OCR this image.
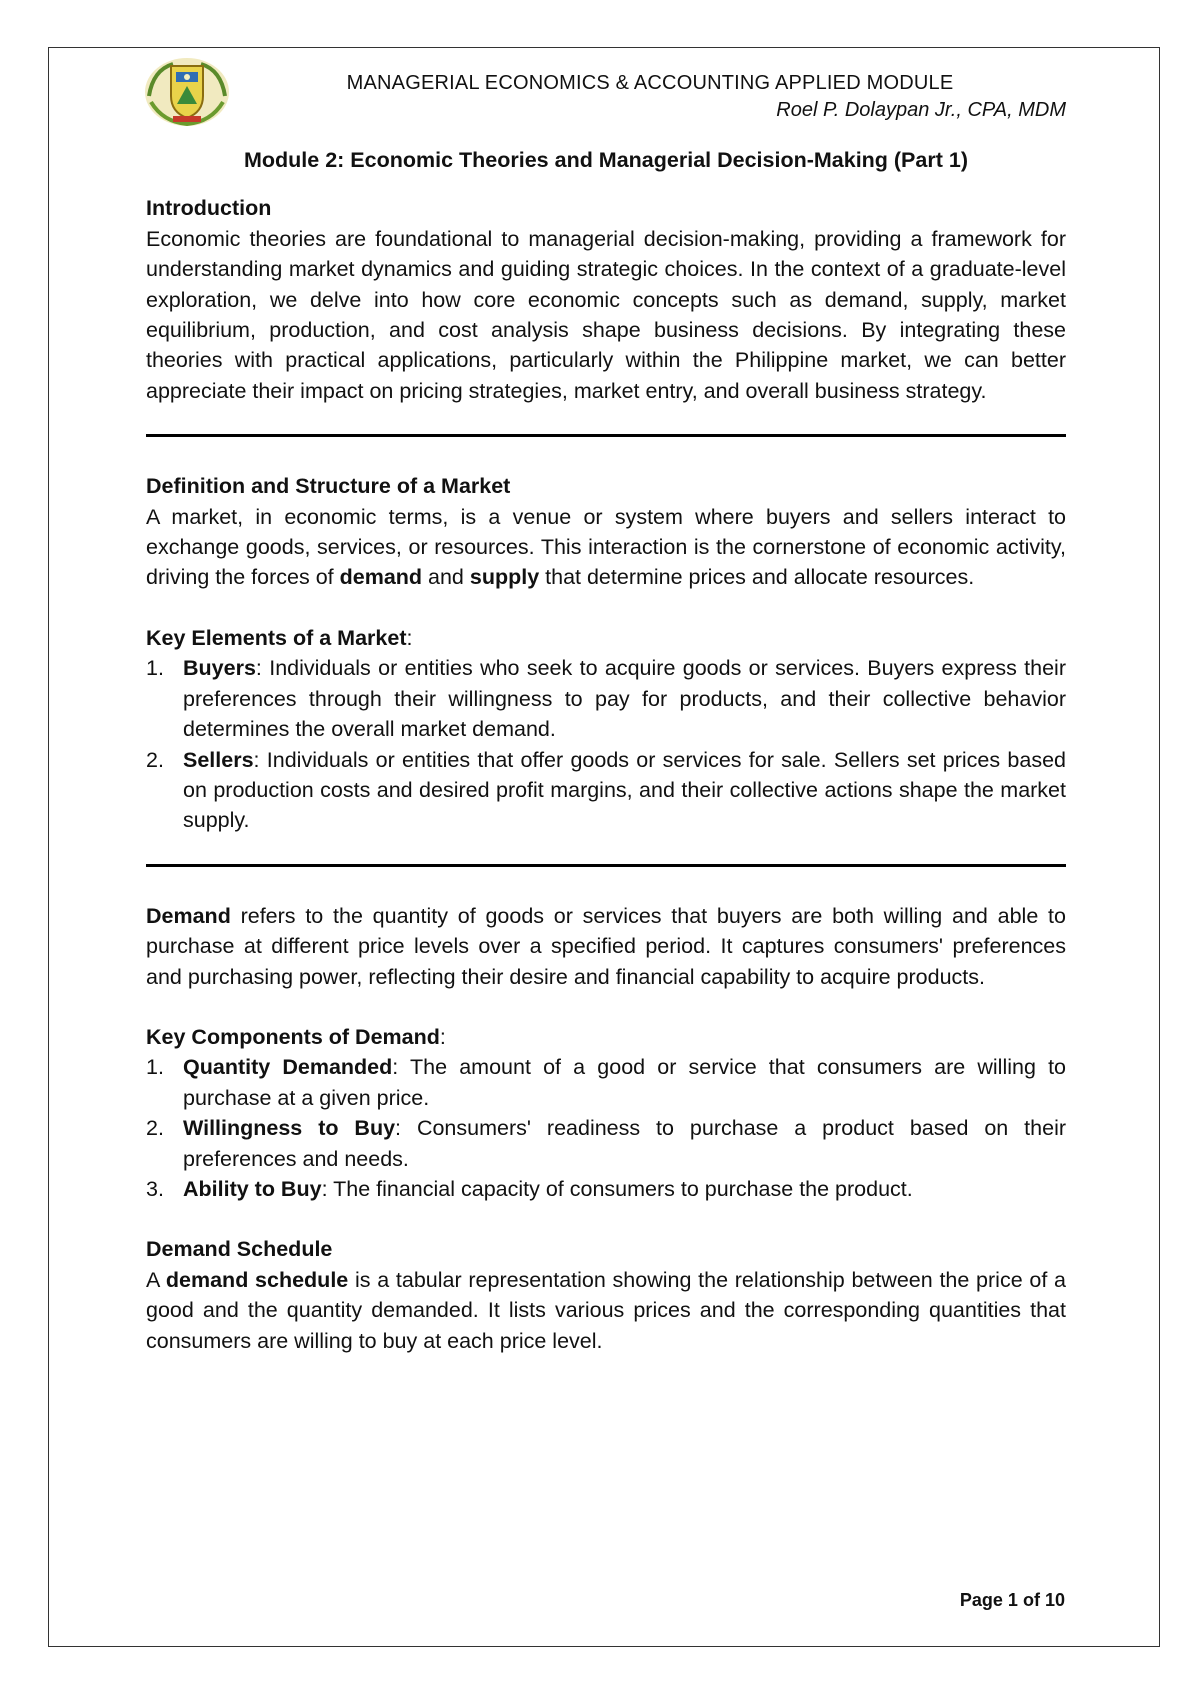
MANAGERIAL ECONOMICS & ACCOUNTING APPLIED MODULE
Roel P. Dolaypan Jr., CPA, MDM
Module 2: Economic Theories and Managerial Decision-Making (Part 1)

Introduction

Economic theories are foundational to managerial decision-making, providing a framework for understanding market dynamics and guiding strategic choices. In the context of a graduate-level exploration, we delve into how core economic concepts such as demand, supply, market equilibrium, production, and cost analysis shape business decisions. By integrating these theories with practical applications, particularly within the Philippine market, we can better appreciate their impact on pricing strategies, market entry, and overall business strategy.

Definition and Structure of a Market

A market, in economic terms, is a venue or system where buyers and sellers interact to exchange goods, services, or resources. This interaction is the cornerstone of economic activity, driving the forces of demand and supply that determine prices and allocate resources.

Key Elements of a Market:

1. Buyers: Individuals or entities who seek to acquire goods or services. Buyers express their preferences through their willingness to pay for products, and their collective behavior determines the overall market demand.
2. Sellers: Individuals or entities that offer goods or services for sale. Sellers set prices based on production costs and desired profit margins, and their collective actions shape the market supply.

Demand refers to the quantity of goods or services that buyers are both willing and able to purchase at different price levels over a specified period. It captures consumers' preferences and purchasing power, reflecting their desire and financial capability to acquire products.

Key Components of Demand:

1. Quantity Demanded: The amount of a good or service that consumers are willing to purchase at a given price.
2. Willingness to Buy: Consumers' readiness to purchase a product based on their preferences and needs.
3. Ability to Buy: The financial capacity of consumers to purchase the product.

Demand Schedule

A demand schedule is a tabular representation showing the relationship between the price of a good and the quantity demanded. It lists various prices and the corresponding quantities that consumers are willing to buy at each price level.

Page 1 of 10
